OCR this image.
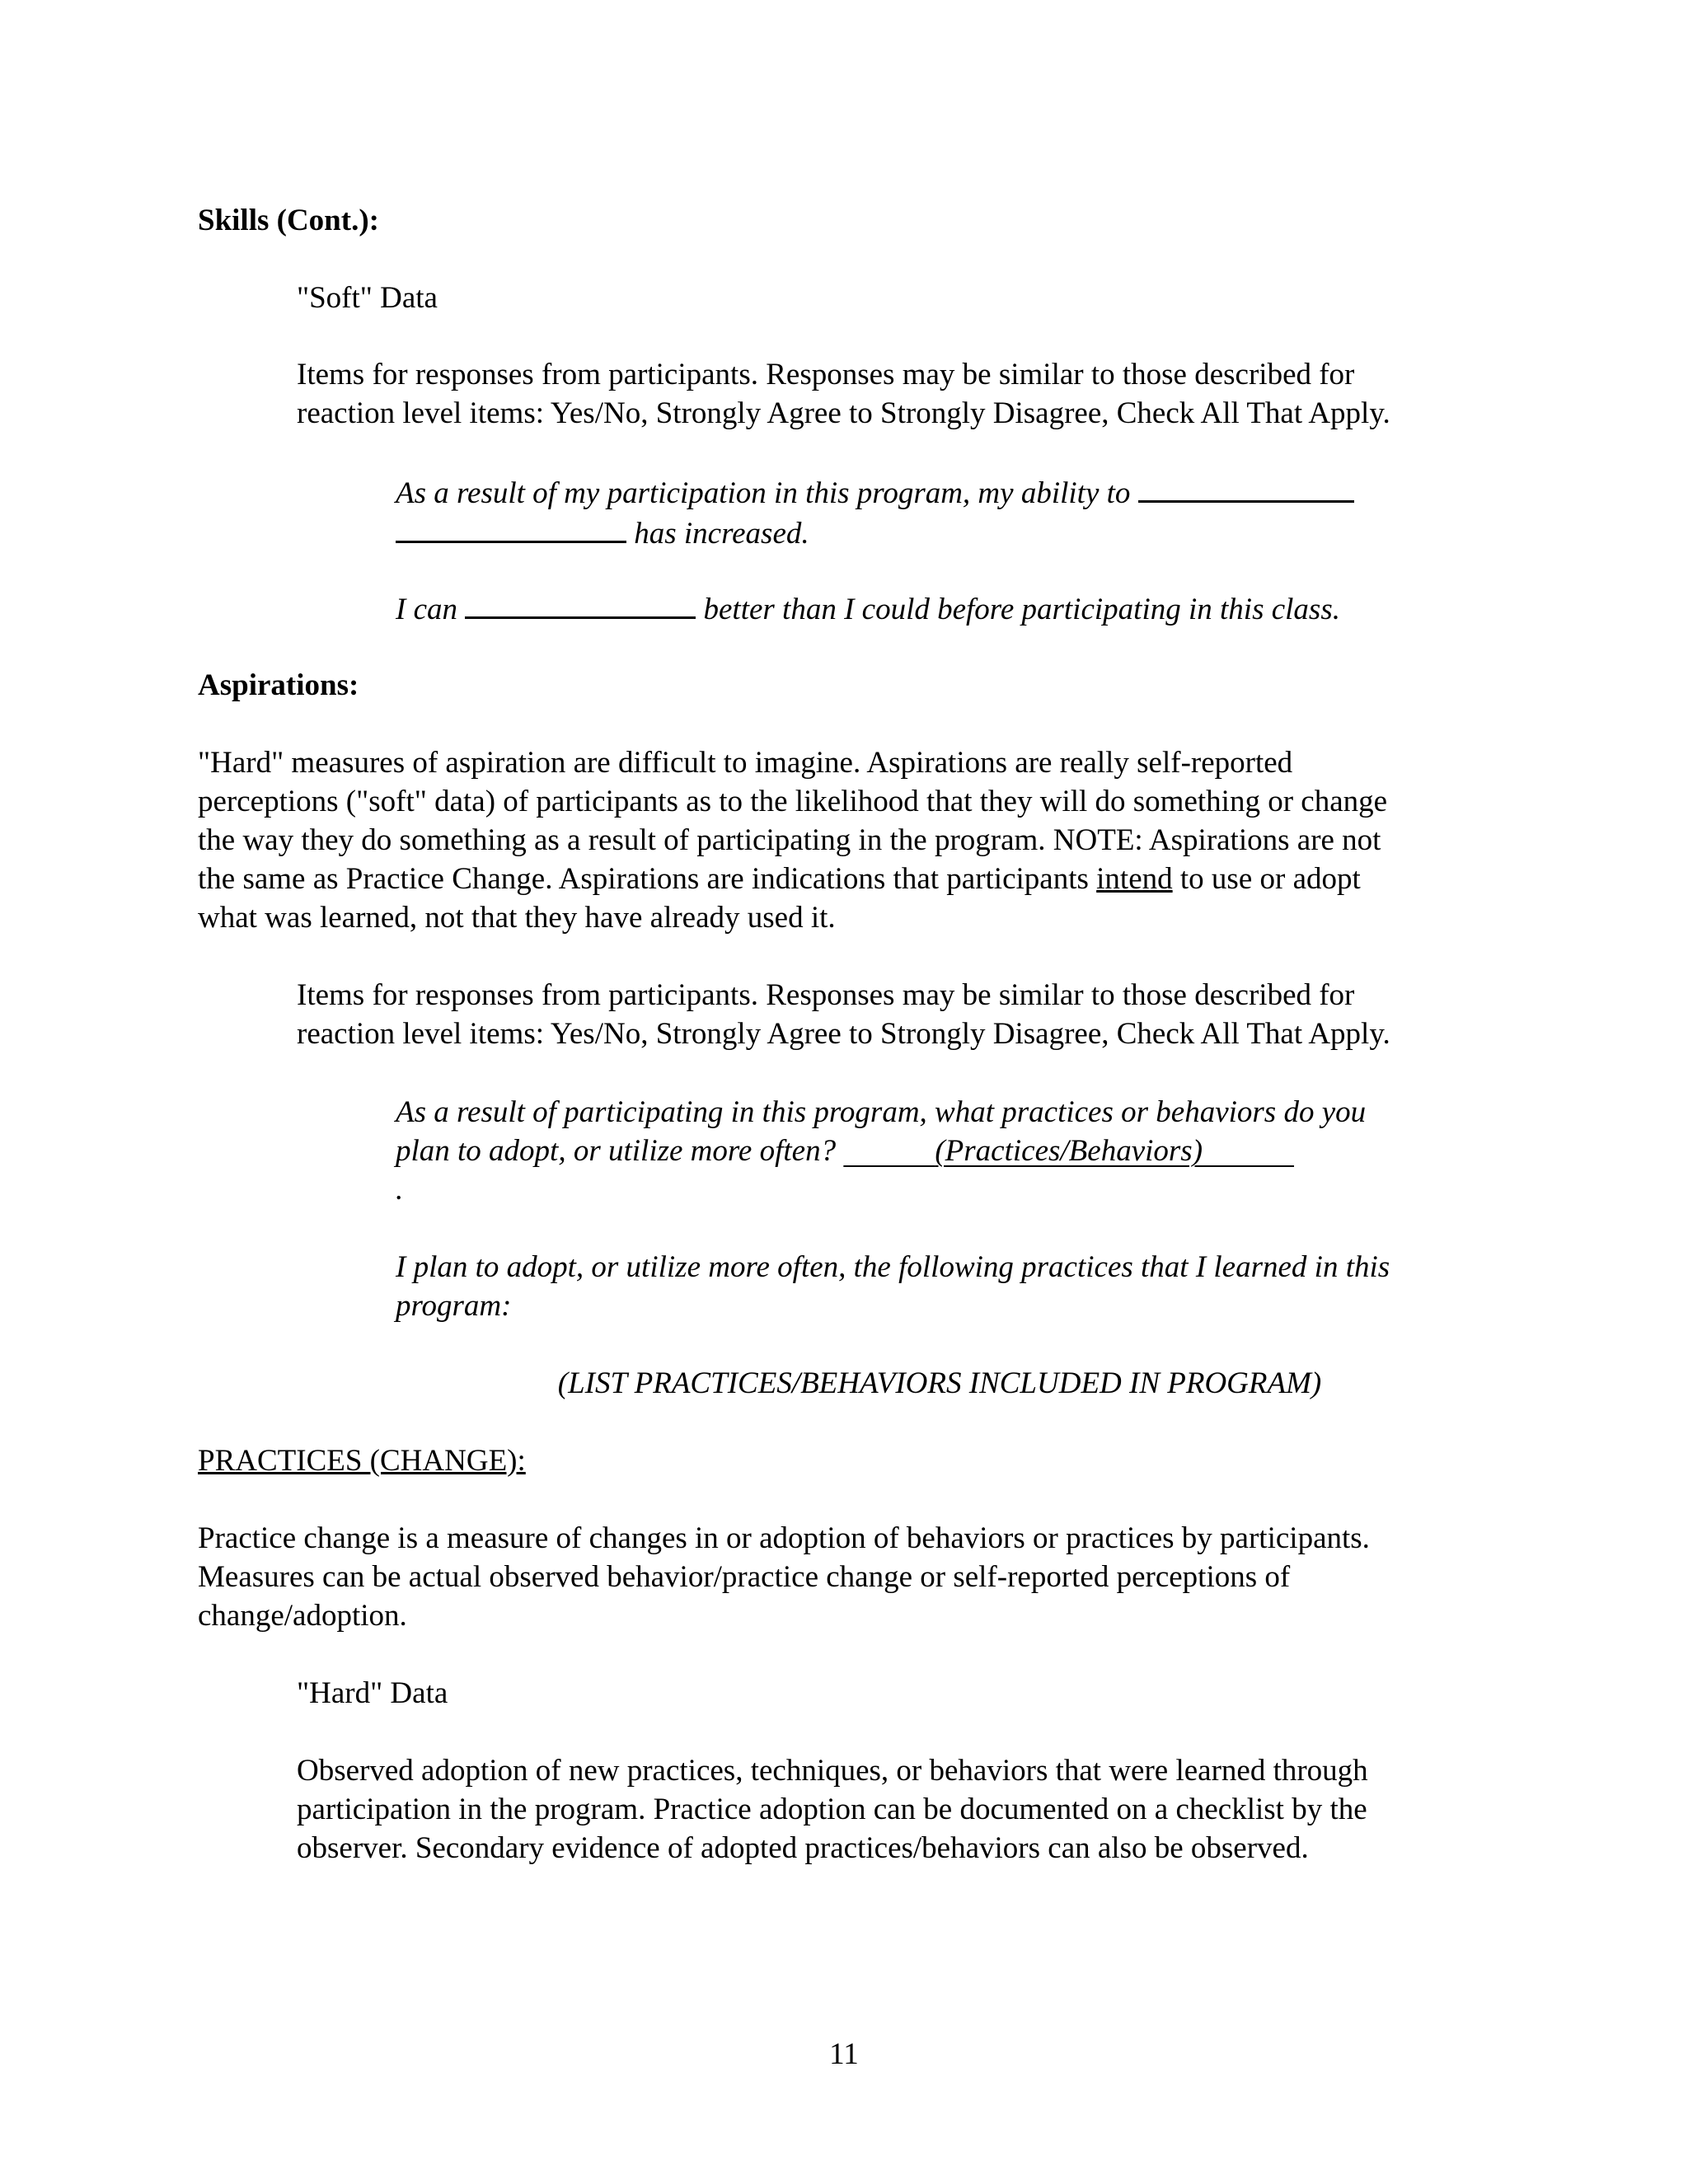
Skills (Cont.):

"Soft" Data

Items for responses from participants. Responses may be similar to those described for
reaction level items: Yes/No, Strongly Agree to Strongly Disagree, Check All That Apply.
As a result of my participation in this program, my ability to
has increased.
I can	better than I could before participating in this class.

Aspirations:

"Hard" measures of aspiration are difficult to imagine. Aspirations are really self-reported
perceptions ("soft" data) of participants as to the likelihood that they will do something or change
the way they do something as a result of participating in the program. NOTE: Aspirations are not
the same as Practice Change. Aspirations are indications that participants intend to use or adopt
what was learned, not that they have already used it.
Items for responses from participants. Responses may be similar to those described for
reaction level items: Yes/No, Strongly Agree to Strongly Disagree, Check All That Apply.
As a result of participating in this program, what practices or behaviors do you
plan to adopt, or utilize more often?	(Practices/Behaviors)
.
I plan to adopt, or utilize more often, the following practices that I learned in this
program:

(LIST PRACTICES/BEHAVIORS INCLUDED IN PROGRAM)

PRACTICES (CHANGE):

Practice change is a measure of changes in or adoption of behaviors or practices by participants.
Measures can be actual observed behavior/practice change or self-reported perceptions of
change/adoption.

"Hard" Data

Observed adoption of new practices, techniques, or behaviors that were learned through
participation in the program. Practice adoption can be documented on a checklist by the
observer. Secondary evidence of adopted practices/behaviors can also be observed.

11
